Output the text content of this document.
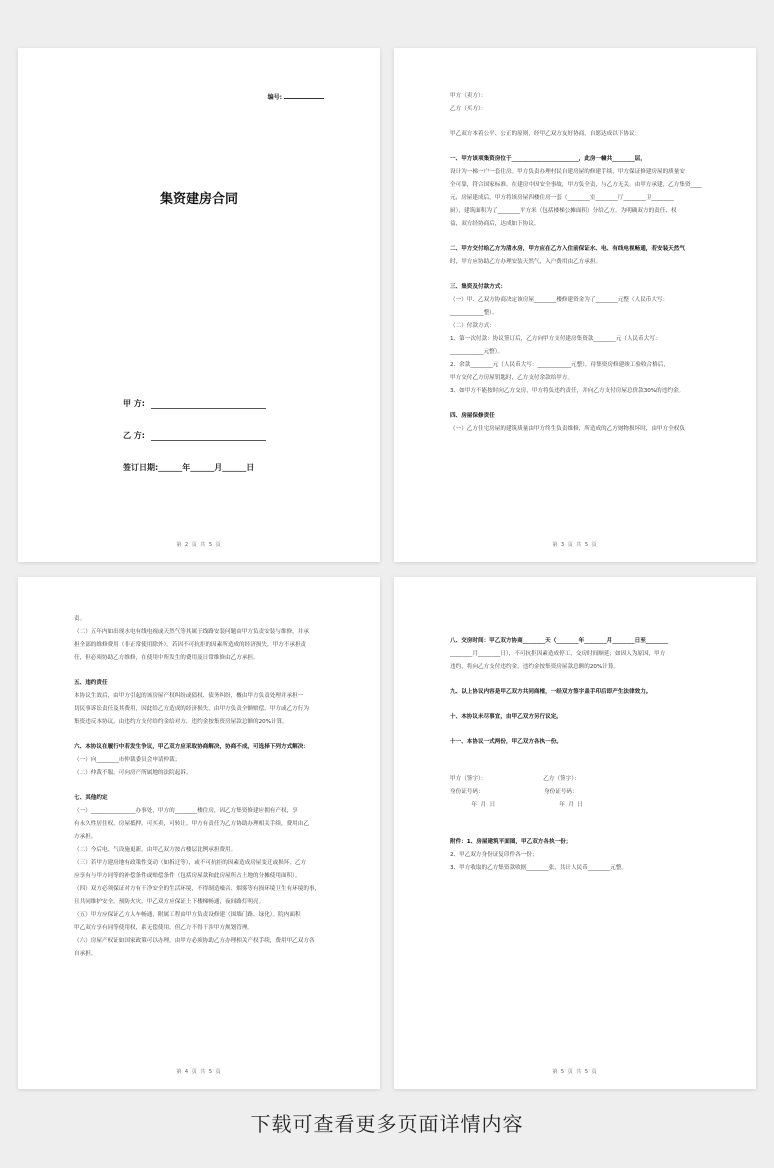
编号:
集资建房合同
甲 方:
乙 方:
签订日期:______年______月______日
第 2 页 共 5 页

甲方（卖方）：

乙方（买方）：

甲乙双方本着公平、公正的原则，经甲乙双方友好协商，自愿达成以下协议：

一、甲方该项集资房位于________________________，此房一幢共________层，

设计为一梯一户一套住房。甲方负责办理村民自建房屋的修建手续，甲方保证修建房屋的质量安

全可靠，符合国家标准。在建房中因安全事故，甲方负全责，与乙方无关。由甲方承建，乙方集资____

元，房屋建成后，甲方将该房屋四楼住房一套（________室________厅________卫________

厨），建筑面积为了________平方米（包括楼梯公摊面积）分给乙方。为明确双方的责任、权

益，双方经协商后，达成如下协议。

二、甲方交付给乙方为清水房，甲方应在乙方入住前保证水、电、有线电视畅通，若安装天然气

时，甲方应协助乙方办理安装天然气，入户费用由乙方承担。

三、集资及付款方式：

（一）甲、乙双方协商决定该房屋________楼修建资金为了________元整（人民币大写：

____________整）。

（二）付款方式：

1、第一次付款：协议签订后，乙方向甲方支付建房集资款________元（人民币大写：

____________元整）。

2、余款________元（人民币大写：____________元整），待集资房修建竣工验收合格后，

甲方交付乙方房屋钥匙时，乙方支付余款给甲方。

3、如甲方不能按时向乙方交房，甲方将负违约责任，并向乙方支付房屋总价款30%的违约金。

四、房屋保修责任

（一）乙方住宅房屋的建筑质量由甲方终生负责维修，所造成的乙方财物损坏时，由甲方全权负

第 3 页 共 5 页

责。

（二）五年内如出现水电有线电视或天然气等其属于线路安装问题由甲方负责安装与维修，并承

担全部的维修费用（非正常使用除外）。若因不可抗拒的因素所造成的经济损失，甲方不承担责

任，但必须协助乙方维修，在使用中所发生的费用及日常维修由乙方承担。

五、违约责任

本协议生效后，由甲方引起的该房屋产权纠纷或债权、债务纠纷，概由甲方负责处理并承担一

切民事诉讼责任及其费用，因此给乙方造成的经济损失，由甲方负责全额赔偿。甲方或乙方行为

集资违反本协议，由违约方支付给约金给对方，违约金按集资房屋款总额的20%计算。

六、本协议在履行中若发生争议，甲乙双方应采取协商解决，协商不成，可选择下列方式解决：

（一）向________市仲裁委员会申请仲裁；

（二）仲裁不服，可向房产所属地的法院起诉。

七、其他约定

（一）________________办事处，甲方的________楼住房，因乙方集资修建应拥有产权，享

有永久性居住权，房屋抵押，可买卖，可转让。甲方有责任为乙方协助办理相关手续，费用由乙

方承担。

（二）今后电、气设施更新，由甲乙双方按占楼层比例承担费用。

（三）若甲方建房地有政策性变动（如拆迁等），或不可抗拒的因素造成房屋变迁或损坏，乙方

应享有与甲方同等的补偿条件或赔偿条件（包括房屋款和此房屋所占土地的分摊使用面积）。

（四）双方必须保证对方有干净安全的生活环境，不得制造噪音、烟雾等有损环境卫生有环境的事，

且共同维护安全，预防火灾，甲乙双方应保证上下楼梯畅通，夜间路灯明亮。

（五）甲方应保证乙方人车畅通，附属工程由甲方负责设修建（围墙门路、绿化）。院内面积

甲乙双方享有同等使用权，系无偿使用，但乙方不得干涉甲方规划管理。

（六）房屋产权证如国家政策可以办理，由甲方必须协助乙方办理相关产权手续，费用甲乙双方各

自承担。

第 4 页 共 5 页

八、交房时间：甲乙双方协商________天（________年________月________日至________

________月________日），不可抗拒因素造成停工，交房时间顺延；如因人为原因，甲方

违约，将向乙方支付违约金，违约金按集资房屋款总额的20%计算。

九、以上协议内容是甲乙双方共同商榷，一经双方签字盖手印后即产生法律效力。

十、本协议未尽事宜，由甲乙双方另行议定。

十一、本协议一式两份，甲乙双方各执一份。

甲方（签字）：                                乙方（签字）：

身份证号码：                                  身份证号码：

年  月  日                                    年  月  日

附件：1、房屋建筑平面图，甲乙双方各执一份；

2、甲乙双方身份证复印件各一份；

3、甲方收取的乙方集资款收据________张，共计人民币________元整。

第 5 页 共 5 页
下载可查看更多页面详情内容
